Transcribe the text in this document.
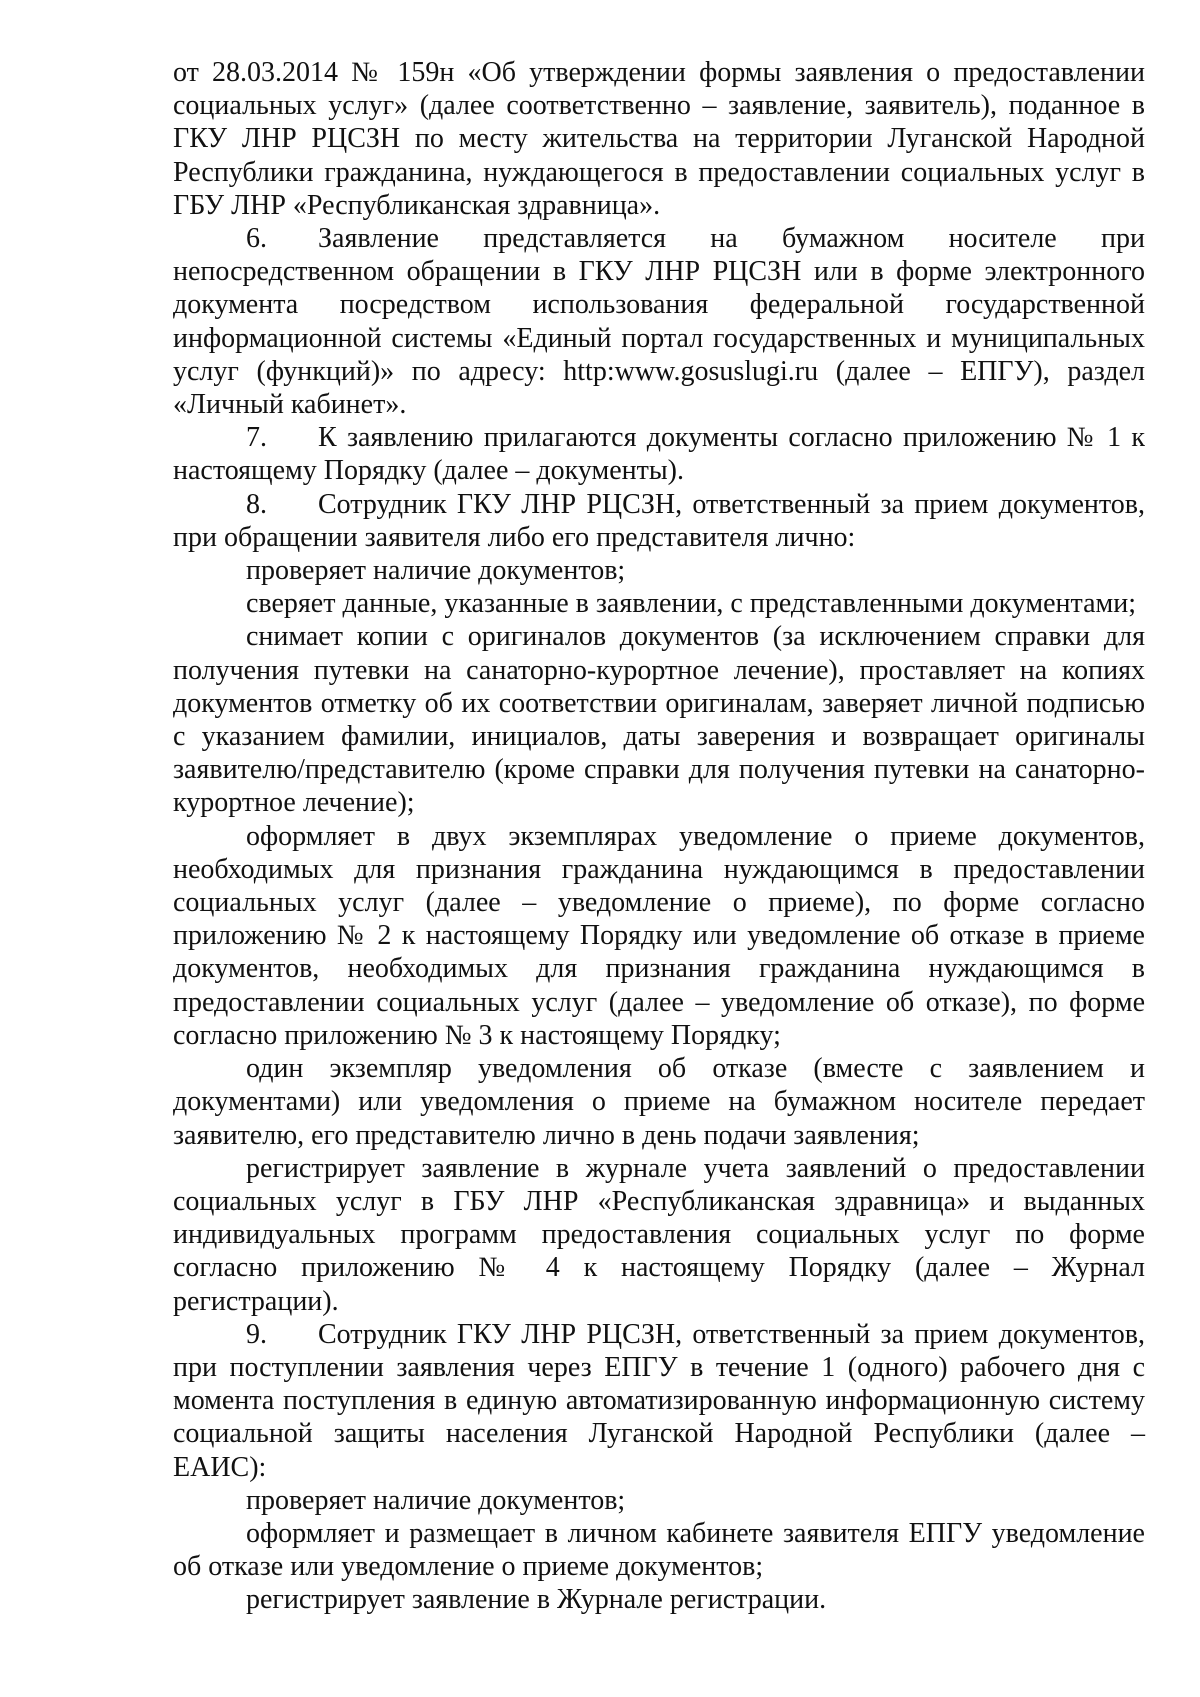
от 28.03.2014 № 159н «Об утверждении формы заявления о предоставлении социальных услуг» (далее соответственно – заявление, заявитель), поданное в ГКУ ЛНР РЦСЗН по месту жительства на территории Луганской Народной Республики гражданина, нуждающегося в предоставлении социальных услуг в ГБУ ЛНР «Республиканская здравница».

6. Заявление представляется на бумажном носителе при непосредственном обращении в ГКУ ЛНР РЦСЗН или в форме электронного документа посредством использования федеральной государственной информационной системы «Единый портал государственных и муниципальных услуг (функций)» по адресу: http:www.gosuslugi.ru (далее – ЕПГУ), раздел «Личный кабинет».

7. К заявлению прилагаются документы согласно приложению № 1 к настоящему Порядку (далее – документы).

8. Сотрудник ГКУ ЛНР РЦСЗН, ответственный за прием документов, при обращении заявителя либо его представителя лично:

проверяет наличие документов;

сверяет данные, указанные в заявлении, с представленными документами;

снимает копии с оригиналов документов (за исключением справки для получения путевки на санаторно-курортное лечение), проставляет на копиях документов отметку об их соответствии оригиналам, заверяет личной подписью с указанием фамилии, инициалов, даты заверения и возвращает оригиналы заявителю/представителю (кроме справки для получения путевки на санаторно-курортное лечение);

оформляет в двух экземплярах уведомление о приеме документов, необходимых для признания гражданина нуждающимся в предоставлении социальных услуг (далее – уведомление о приеме), по форме согласно приложению № 2 к настоящему Порядку или уведомление об отказе в приеме документов, необходимых для признания гражданина нуждающимся в предоставлении социальных услуг (далее – уведомление об отказе), по форме согласно приложению № 3 к настоящему Порядку;

один экземпляр уведомления об отказе (вместе с заявлением и документами) или уведомления о приеме на бумажном носителе передает заявителю, его представителю лично в день подачи заявления;

регистрирует заявление в журнале учета заявлений о предоставлении социальных услуг в ГБУ ЛНР «Республиканская здравница» и выданных индивидуальных программ предоставления социальных услуг по форме согласно приложению № 4 к настоящему Порядку (далее – Журнал регистрации).

9. Сотрудник ГКУ ЛНР РЦСЗН, ответственный за прием документов, при поступлении заявления через ЕПГУ в течение 1 (одного) рабочего дня с момента поступления в единую автоматизированную информационную систему социальной защиты населения Луганской Народной Республики (далее – ЕАИС):

проверяет наличие документов;

оформляет и размещает в личном кабинете заявителя ЕПГУ уведомление об отказе или уведомление о приеме документов;

регистрирует заявление в Журнале регистрации.
